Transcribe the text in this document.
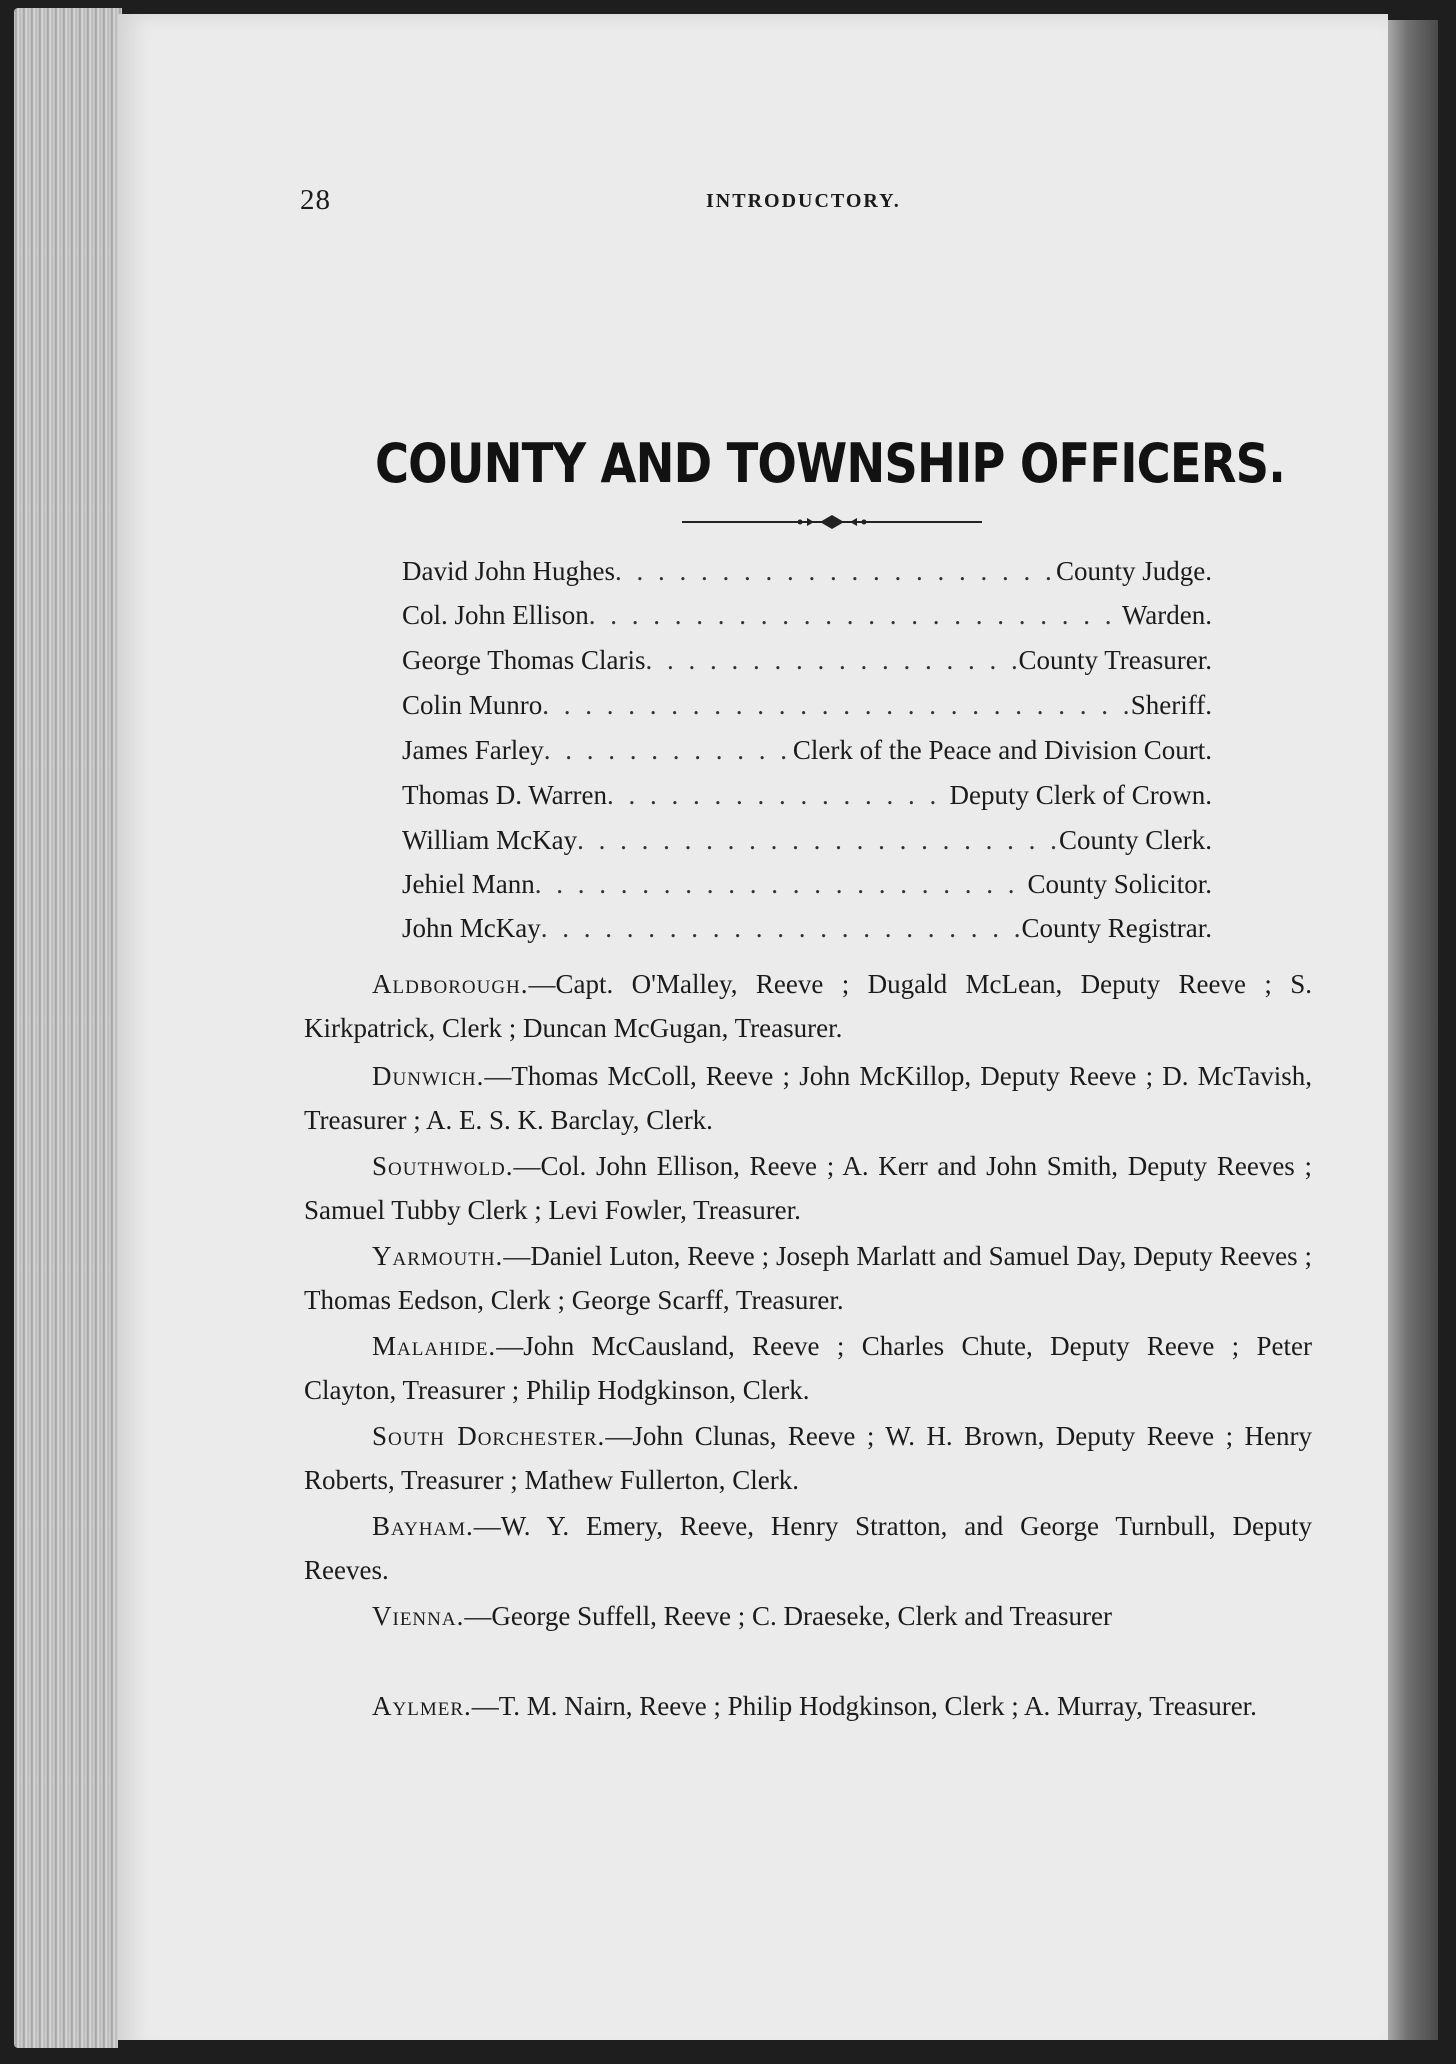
28	INTRODUCTORY.
COUNTY AND TOWNSHIP OFFICERS.
David John Hughes . . .	County Judge.
Col. John Ellison . . .	Warden.
George Thomas Claris . . .	County Treasurer.
Colin Munro . . .	Sheriff.
James Farley . . .	Clerk of the Peace and Division Court.
Thomas D. Warren . . .	Deputy Clerk of Crown.
William McKay . . .	County Clerk.
Jehiel Mann . . .	County Solicitor.
John McKay . . .	County Registrar.
Aldborough.—Capt. O'Malley, Reeve ; Dugald McLean, Deputy Reeve ; S. Kirkpatrick, Clerk ; Duncan McGugan, Treasurer.
Dunwich.—Thomas McColl, Reeve ; John McKillop, Deputy Reeve ; D. McTavish, Treasurer ; A. E. S. K. Barclay, Clerk.
Southwold.—Col. John Ellison, Reeve ; A. Kerr and John Smith, Deputy Reeves ; Samuel Tubby Clerk ; Levi Fowler, Treasurer.
Yarmouth.—Daniel Luton, Reeve ; Joseph Marlatt and Samuel Day, Deputy Reeves ; Thomas Eedson, Clerk ; George Scarff, Treasurer.
Malahide.—John McCausland, Reeve ; Charles Chute, Deputy Reeve ; Peter Clayton, Treasurer ; Philip Hodgkinson, Clerk.
South Dorchester.—John Clunas, Reeve ; W. H. Brown, Deputy Reeve ; Henry Roberts, Treasurer ; Mathew Fullerton, Clerk.
Bayham.—W. Y. Emery, Reeve, Henry Stratton, and George Turnbull, Deputy Reeves.
Vienna.—George Suffell, Reeve ; C. Draeseke, Clerk and Treasurer
Aylmer.—T. M. Nairn, Reeve ; Philip Hodgkinson, Clerk ; A. Murray, Treasurer.
